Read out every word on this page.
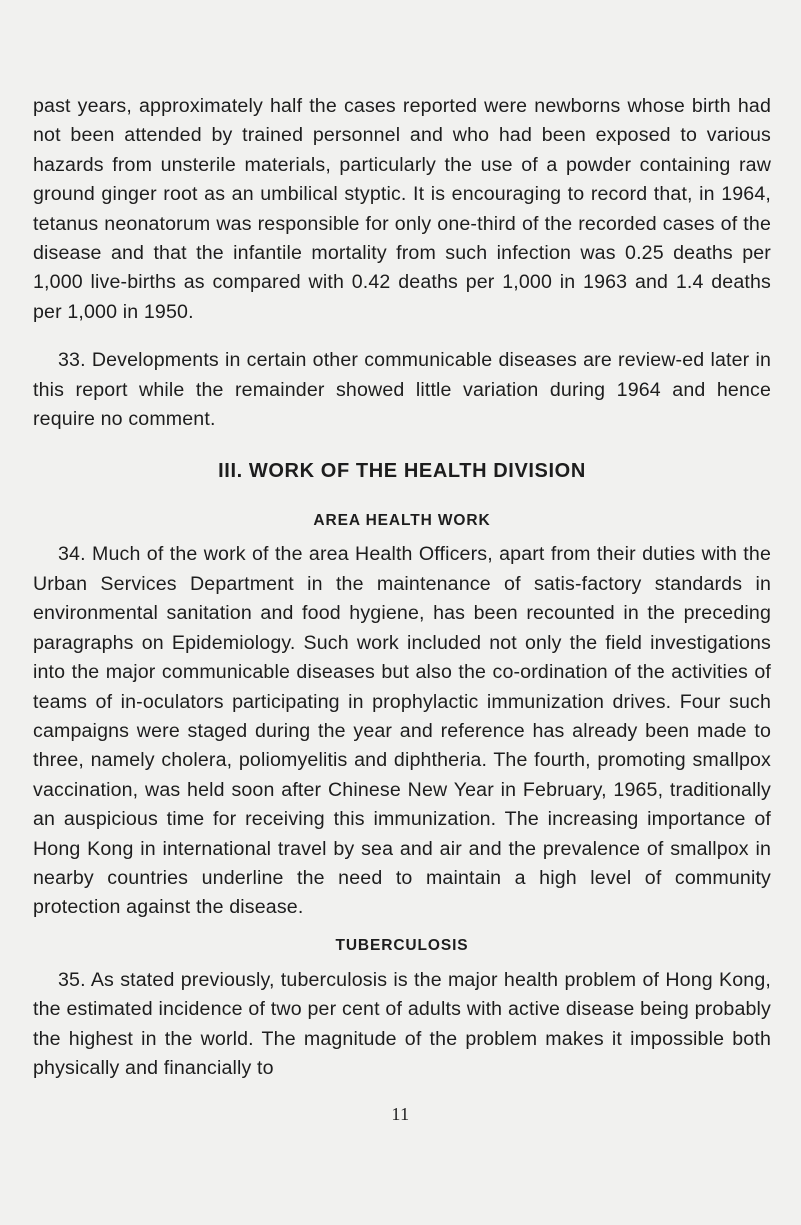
past years, approximately half the cases reported were newborns whose birth had not been attended by trained personnel and who had been exposed to various hazards from unsterile materials, particularly the use of a powder containing raw ground ginger root as an umbilical styptic. It is encouraging to record that, in 1964, tetanus neonatorum was responsible for only one-third of the recorded cases of the disease and that the infantile mortality from such infection was 0.25 deaths per 1,000 live-births as compared with 0.42 deaths per 1,000 in 1963 and 1.4 deaths per 1,000 in 1950.

33. Developments in certain other communicable diseases are review-ed later in this report while the remainder showed little variation during 1964 and hence require no comment.

III. WORK OF THE HEALTH DIVISION
AREA HEALTH WORK

34. Much of the work of the area Health Officers, apart from their duties with the Urban Services Department in the maintenance of satis-factory standards in environmental sanitation and food hygiene, has been recounted in the preceding paragraphs on Epidemiology. Such work included not only the field investigations into the major communicable diseases but also the co-ordination of the activities of teams of in-oculators participating in prophylactic immunization drives. Four such campaigns were staged during the year and reference has already been made to three, namely cholera, poliomyelitis and diphtheria. The fourth, promoting smallpox vaccination, was held soon after Chinese New Year in February, 1965, traditionally an auspicious time for receiving this immunization. The increasing importance of Hong Kong in international travel by sea and air and the prevalence of smallpox in nearby countries underline the need to maintain a high level of community protection against the disease.

TUBERCULOSIS

35. As stated previously, tuberculosis is the major health problem of Hong Kong, the estimated incidence of two per cent of adults with active disease being probably the highest in the world. The magnitude of the problem makes it impossible both physically and financially to

11
